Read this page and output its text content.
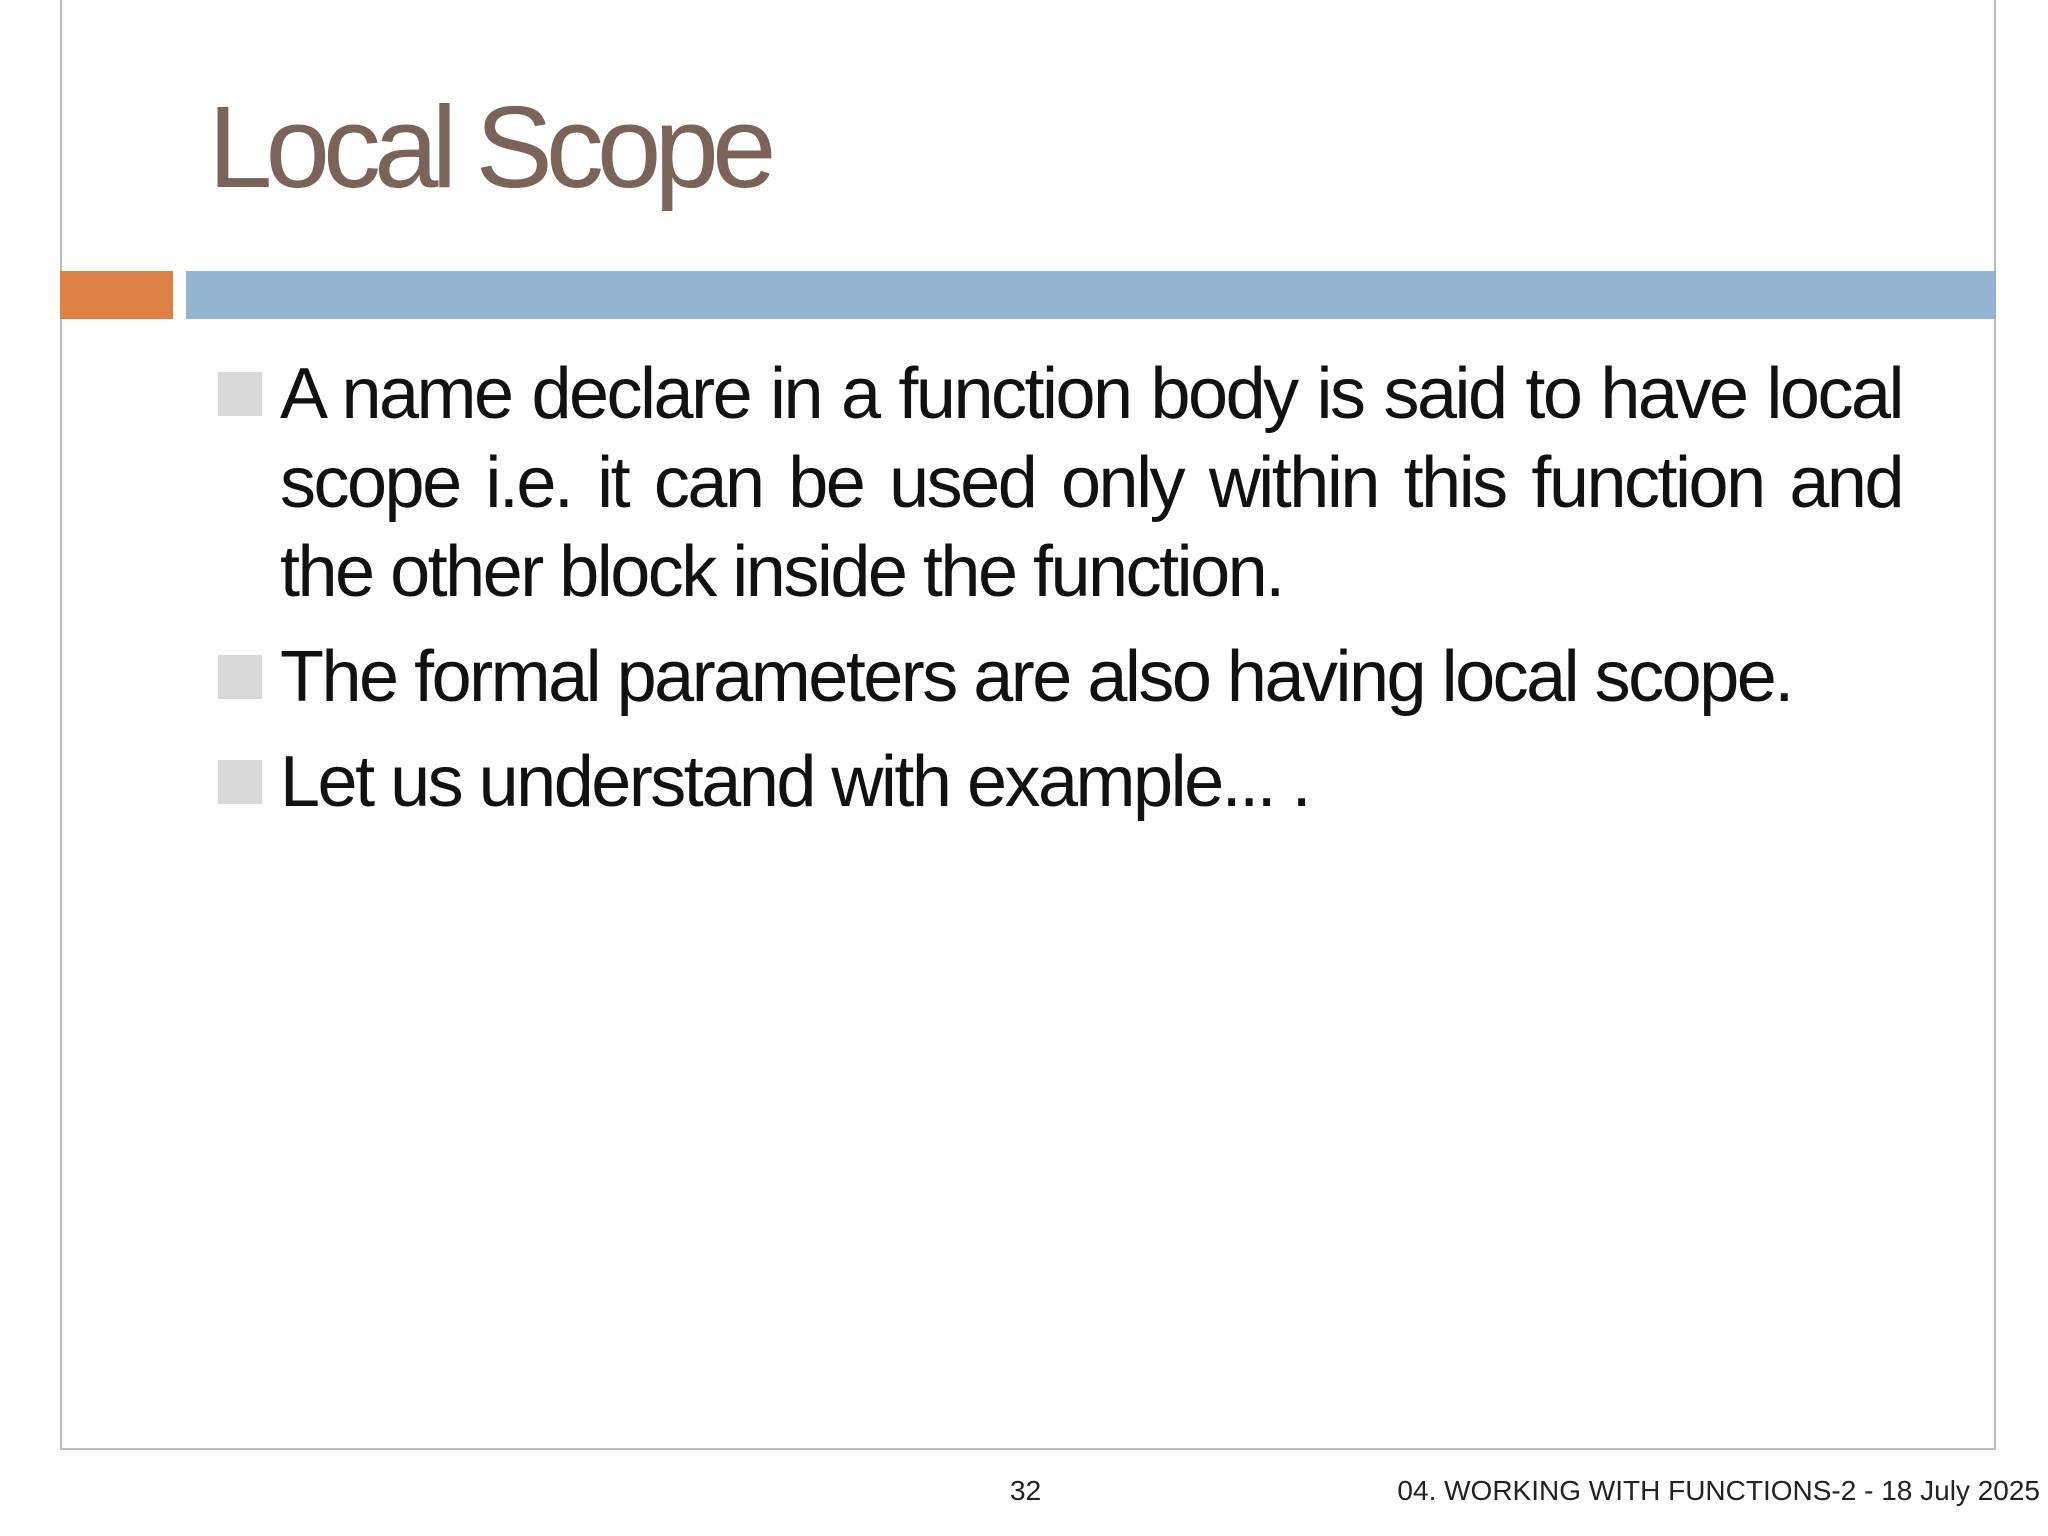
Local Scope
A name declare in a function body is said to have local scope i.e. it can be used only within this function and the other block inside the function.
The formal parameters are also having local scope.
Let us understand with example... .
32	04. WORKING WITH FUNCTIONS-2 - 18 July 2025
